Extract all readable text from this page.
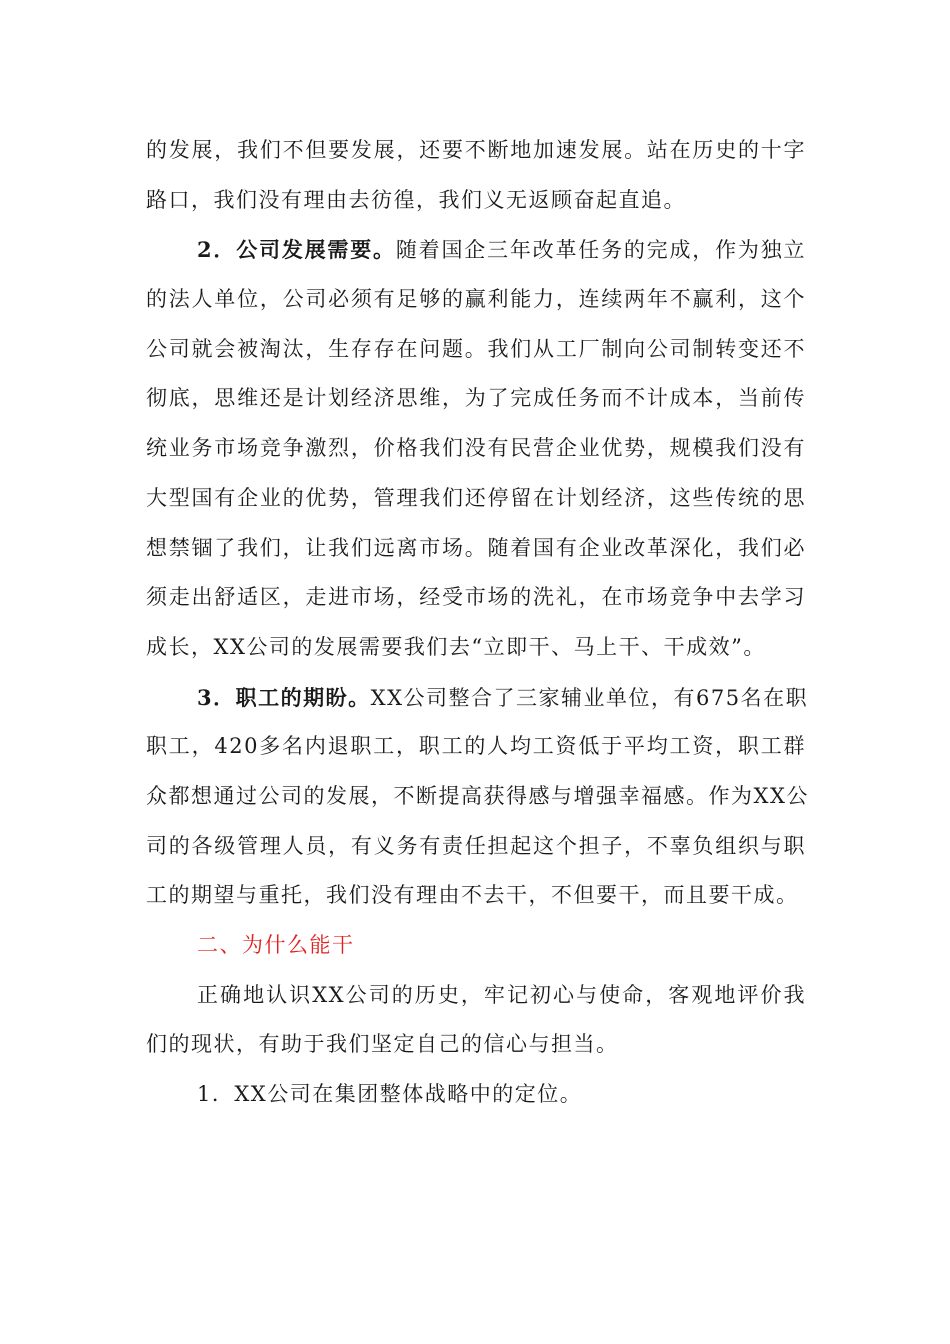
的发展，我们不但要发展，还要不断地加速发展。站在历史的十字
路口，我们没有理由去彷徨，我们义无返顾奋起直追。
2．公司发展需要。随着国企三年改革任务的完成，作为独立
的法人单位，公司必须有足够的赢利能力，连续两年不赢利，这个
公司就会被淘汰，生存存在问题。我们从工厂制向公司制转变还不
彻底，思维还是计划经济思维，为了完成任务而不计成本，当前传
统业务市场竞争激烈，价格我们没有民营企业优势，规模我们没有
大型国有企业的优势，管理我们还停留在计划经济，这些传统的思
想禁锢了我们，让我们远离市场。随着国有企业改革深化，我们必
须走出舒适区，走进市场，经受市场的洗礼，在市场竞争中去学习
成长，XX公司的发展需要我们去“立即干、马上干、干成效”。
3．职工的期盼。XX公司整合了三家辅业单位，有675名在职
职工，420多名内退职工，职工的人均工资低于平均工资，职工群
众都想通过公司的发展，不断提高获得感与增强幸福感。作为XX公
司的各级管理人员，有义务有责任担起这个担子，不辜负组织与职
工的期望与重托，我们没有理由不去干，不但要干，而且要干成。
二、为什么能干
正确地认识XX公司的历史，牢记初心与使命，客观地评价我
们的现状，有助于我们坚定自己的信心与担当。
1．XX公司在集团整体战略中的定位。
